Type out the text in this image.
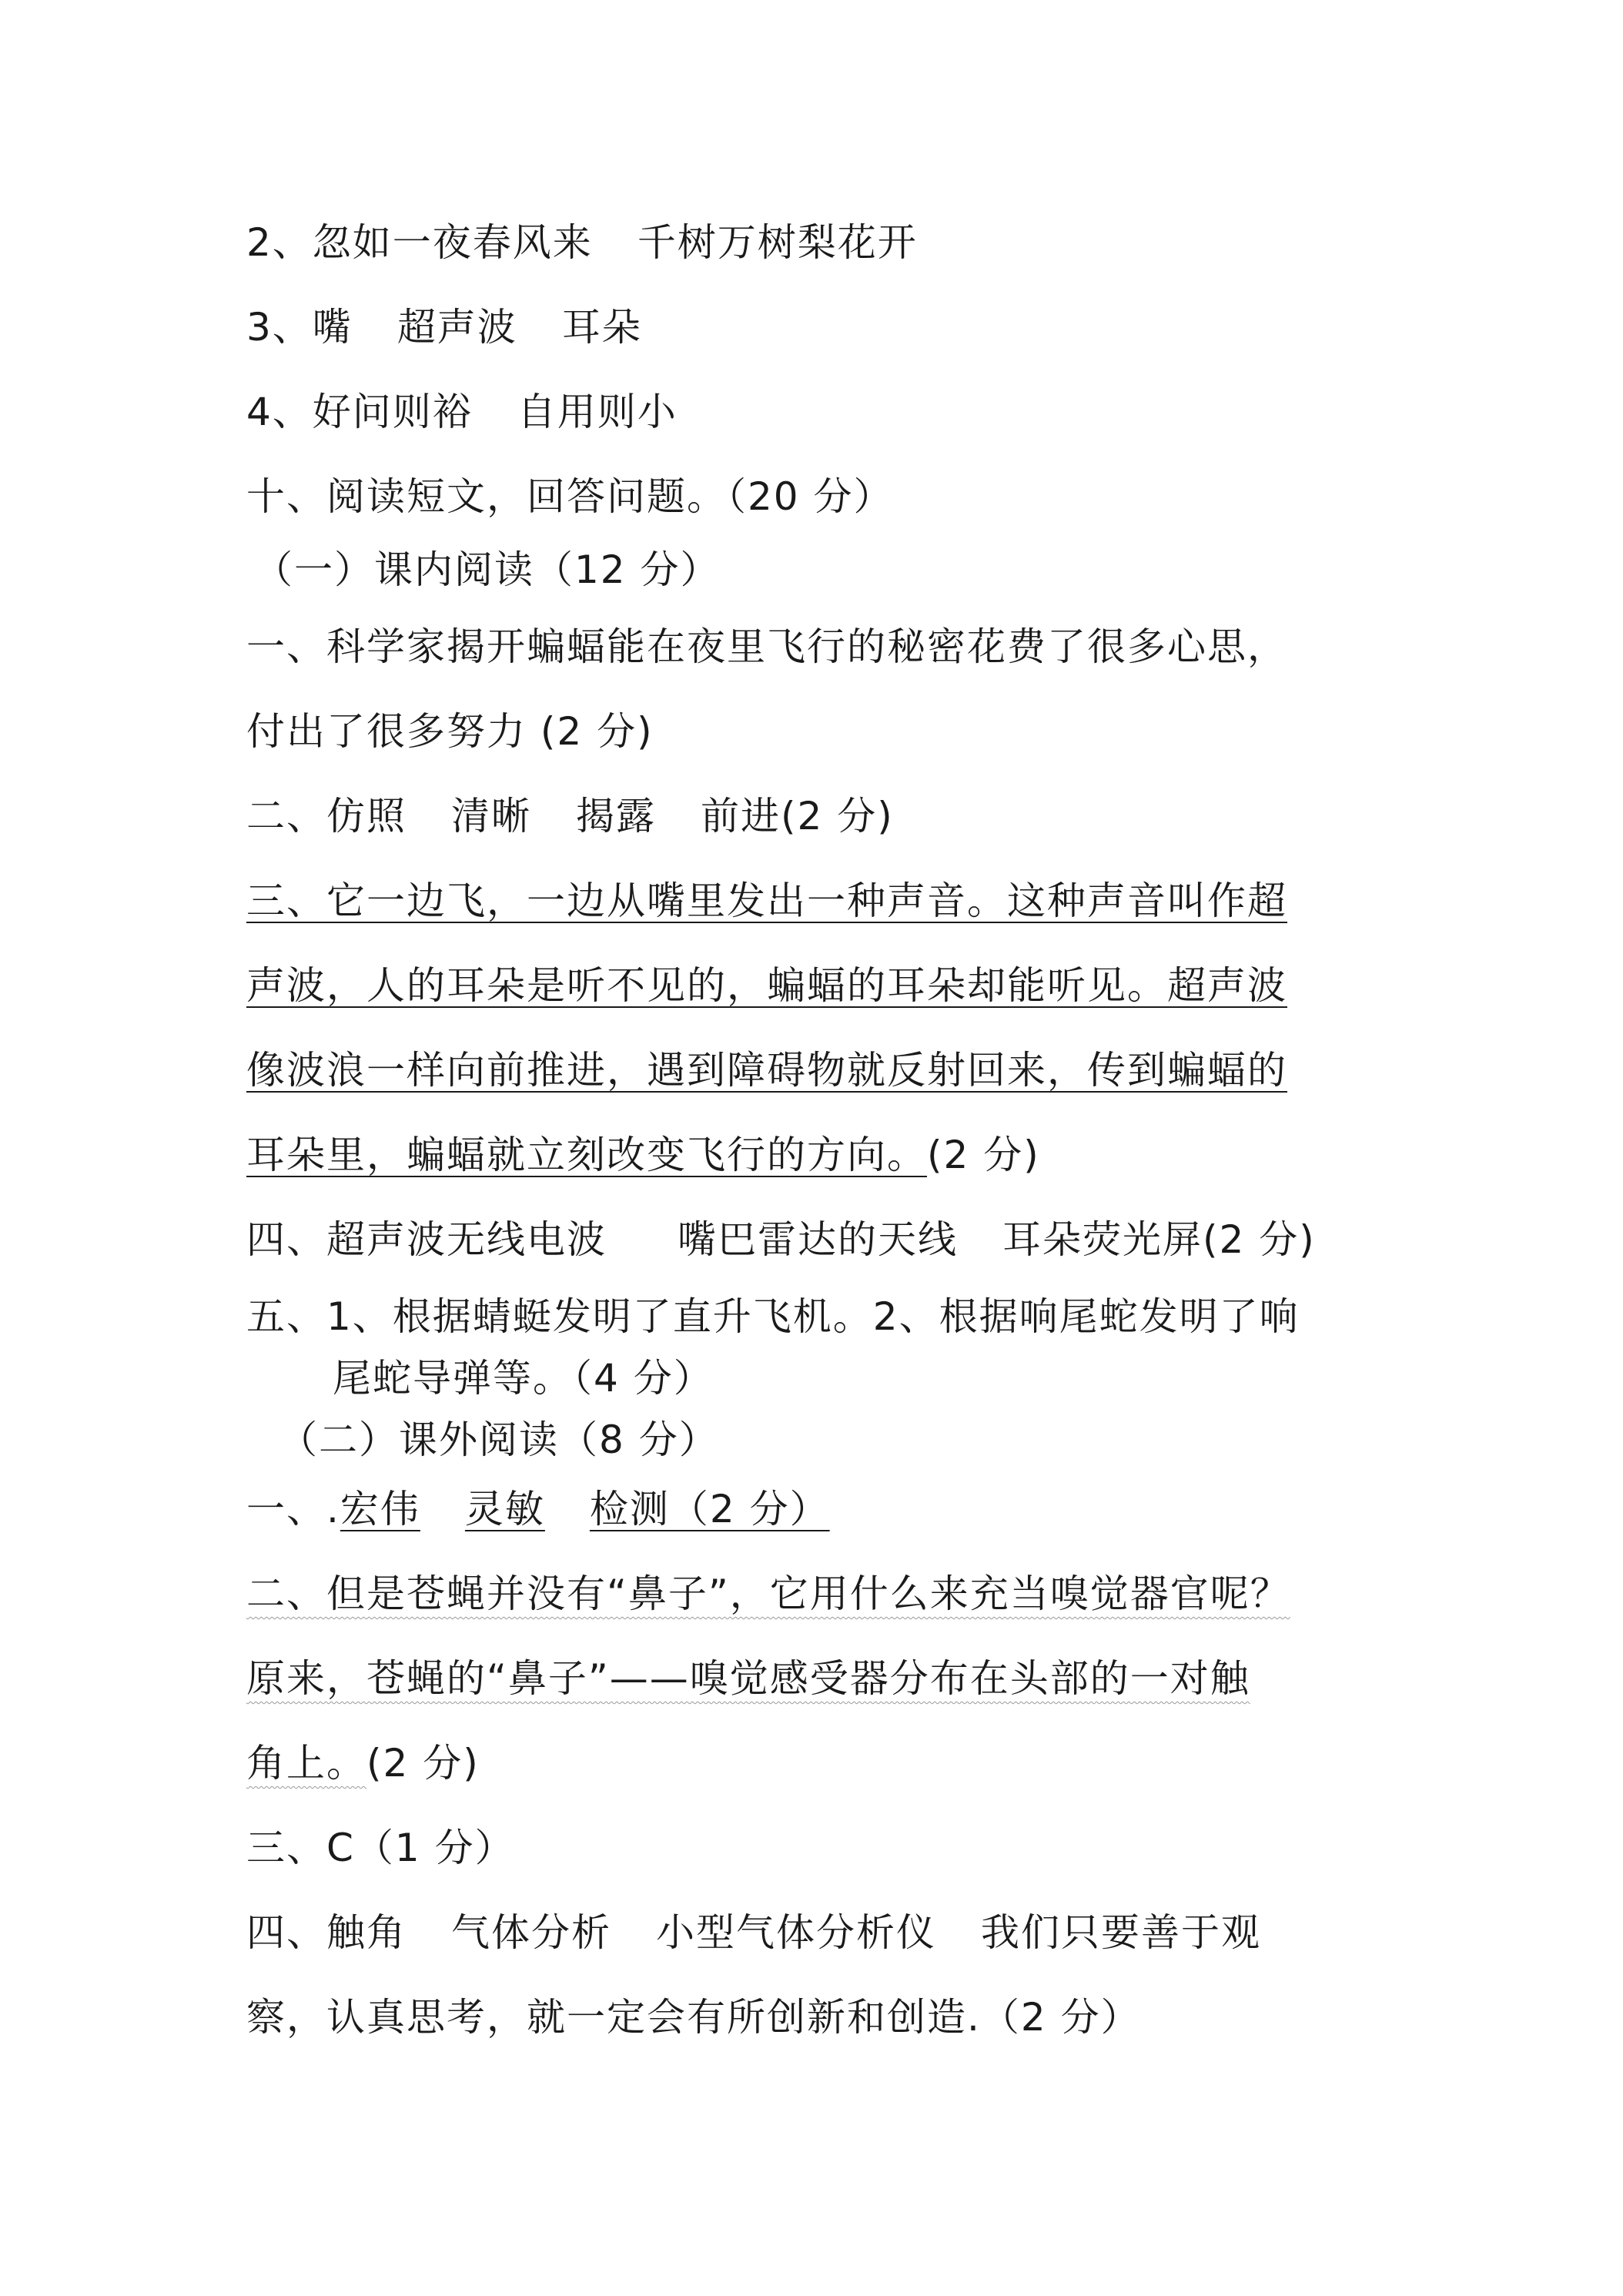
2、忽如一夜春风来 千树万树梨花开
3、嘴 超声波 耳朵
4、好问则裕 自用则小
十、阅读短文，回答问题。（20 分）
（一）课内阅读（12 分）
一、科学家揭开蝙蝠能在夜里飞行的秘密花费了很多心思，
付出了很多努力 (2 分)
二、仿照 清晰 揭露 前进(2 分)
三、它一边飞，一边从嘴里发出一种声音。这种声音叫作超
声波，人的耳朵是听不见的，蝙蝠的耳朵却能听见。超声波
像波浪一样向前推进，遇到障碍物就反射回来，传到蝙蝠的
耳朵里，蝙蝠就立刻改变飞行的方向。(2 分)
四、超声波无线电波 嘴巴雷达的天线 耳朵荧光屏(2 分)
五、1、根据蜻蜓发明了直升飞机。2、根据响尾蛇发明了响
尾蛇导弹等。（4 分）
（二）课外阅读（8 分）
一、.宏伟 灵敏 检测（2 分）
二、但是苍蝇并没有“鼻子”，它用什么来充当嗅觉器官呢？
原来，苍蝇的“鼻子”——嗅觉感受器分布在头部的一对触
角上。(2 分)
三、C（1 分）
四、触角 气体分析 小型气体分析仪 我们只要善于观
察，认真思考，就一定会有所创新和创造.（2 分）
